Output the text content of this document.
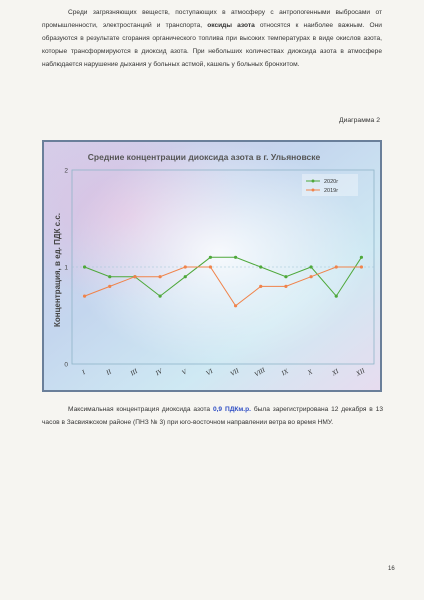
Среди загрязняющих веществ, поступающих в атмосферу с антропогенными выбросами от промышленности, электростанций и транспорта, оксиды азота относятся к наиболее важным. Они образуются в результате сгорания органического топлива при высоких температурах в виде окислов азота, которые трансформируются в диоксид азота. При небольших количествах диоксида азота в атмосфере наблюдается нарушение дыхания у больных астмой, кашель у больных бронхитом.

Диаграмма 2
Средние концентрации диоксида азота в г. Ульяновске
Концентрация, в ед. ПДК с.с.
0
1
2
I	II III IV	V	VI VII VIII IX	X	XI XII
2020г
2019г

Максимальная концентрация диоксида азота 0,9 ПДКм.р. была зарегистрирована 12 декабря в 13 часов в Засвияжском районе (ПНЗ № 3) при юго-восточном направлении ветра во время НМУ.

16
